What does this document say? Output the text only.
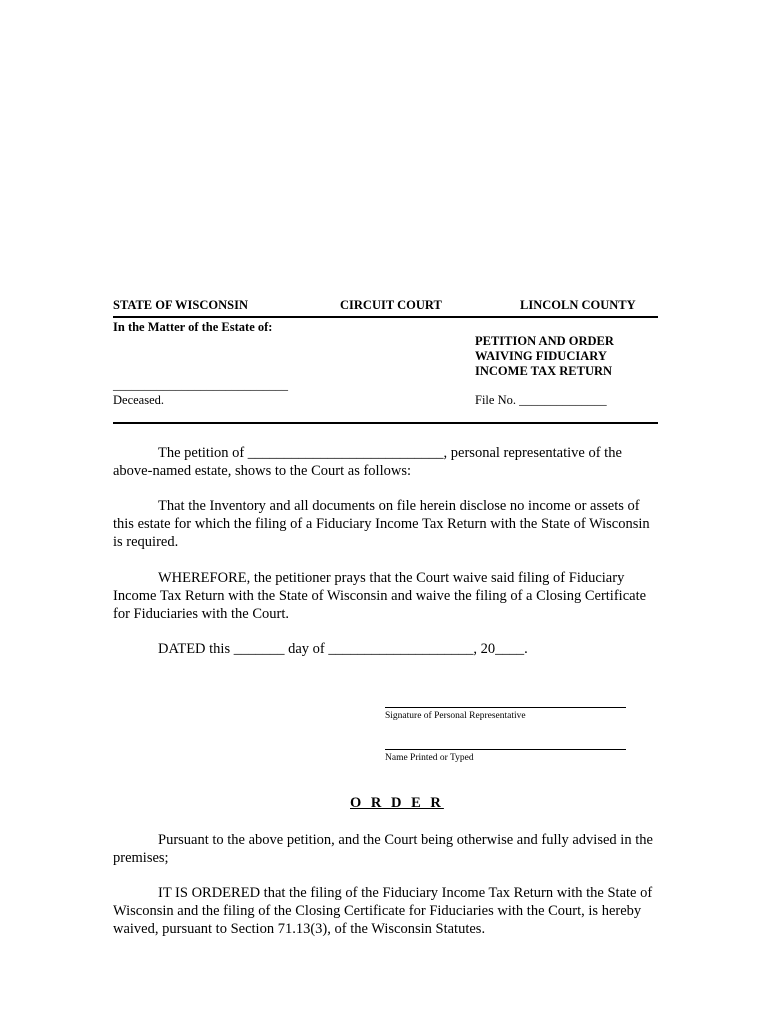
STATE OF WISCONSIN	CIRCUIT COURT	LINCOLN COUNTY
In the Matter of the Estate of:
PETITION AND ORDER
WAIVING FIDUCIARY
INCOME TAX RETURN
____________________________
Deceased.	File No. ______________
The petition of ___________________________, personal representative of the above-named estate, shows to the Court as follows:
That the Inventory and all documents on file herein disclose no income or assets of this estate for which the filing of a Fiduciary Income Tax Return with the State of Wisconsin is required.
WHEREFORE, the petitioner prays that the Court waive said filing of Fiduciary Income Tax Return with the State of Wisconsin and waive the filing of a Closing Certificate for Fiduciaries with the Court.
DATED this _______ day of ____________________, 20____.
Signature of Personal Representative
Name Printed or Typed
O R D E R
Pursuant to the above petition, and the Court being otherwise and fully advised in the premises;
IT IS ORDERED that the filing of the Fiduciary Income Tax Return with the State of Wisconsin and the filing of the Closing Certificate for Fiduciaries with the Court, is hereby waived, pursuant to Section 71.13(3), of the Wisconsin Statutes.
